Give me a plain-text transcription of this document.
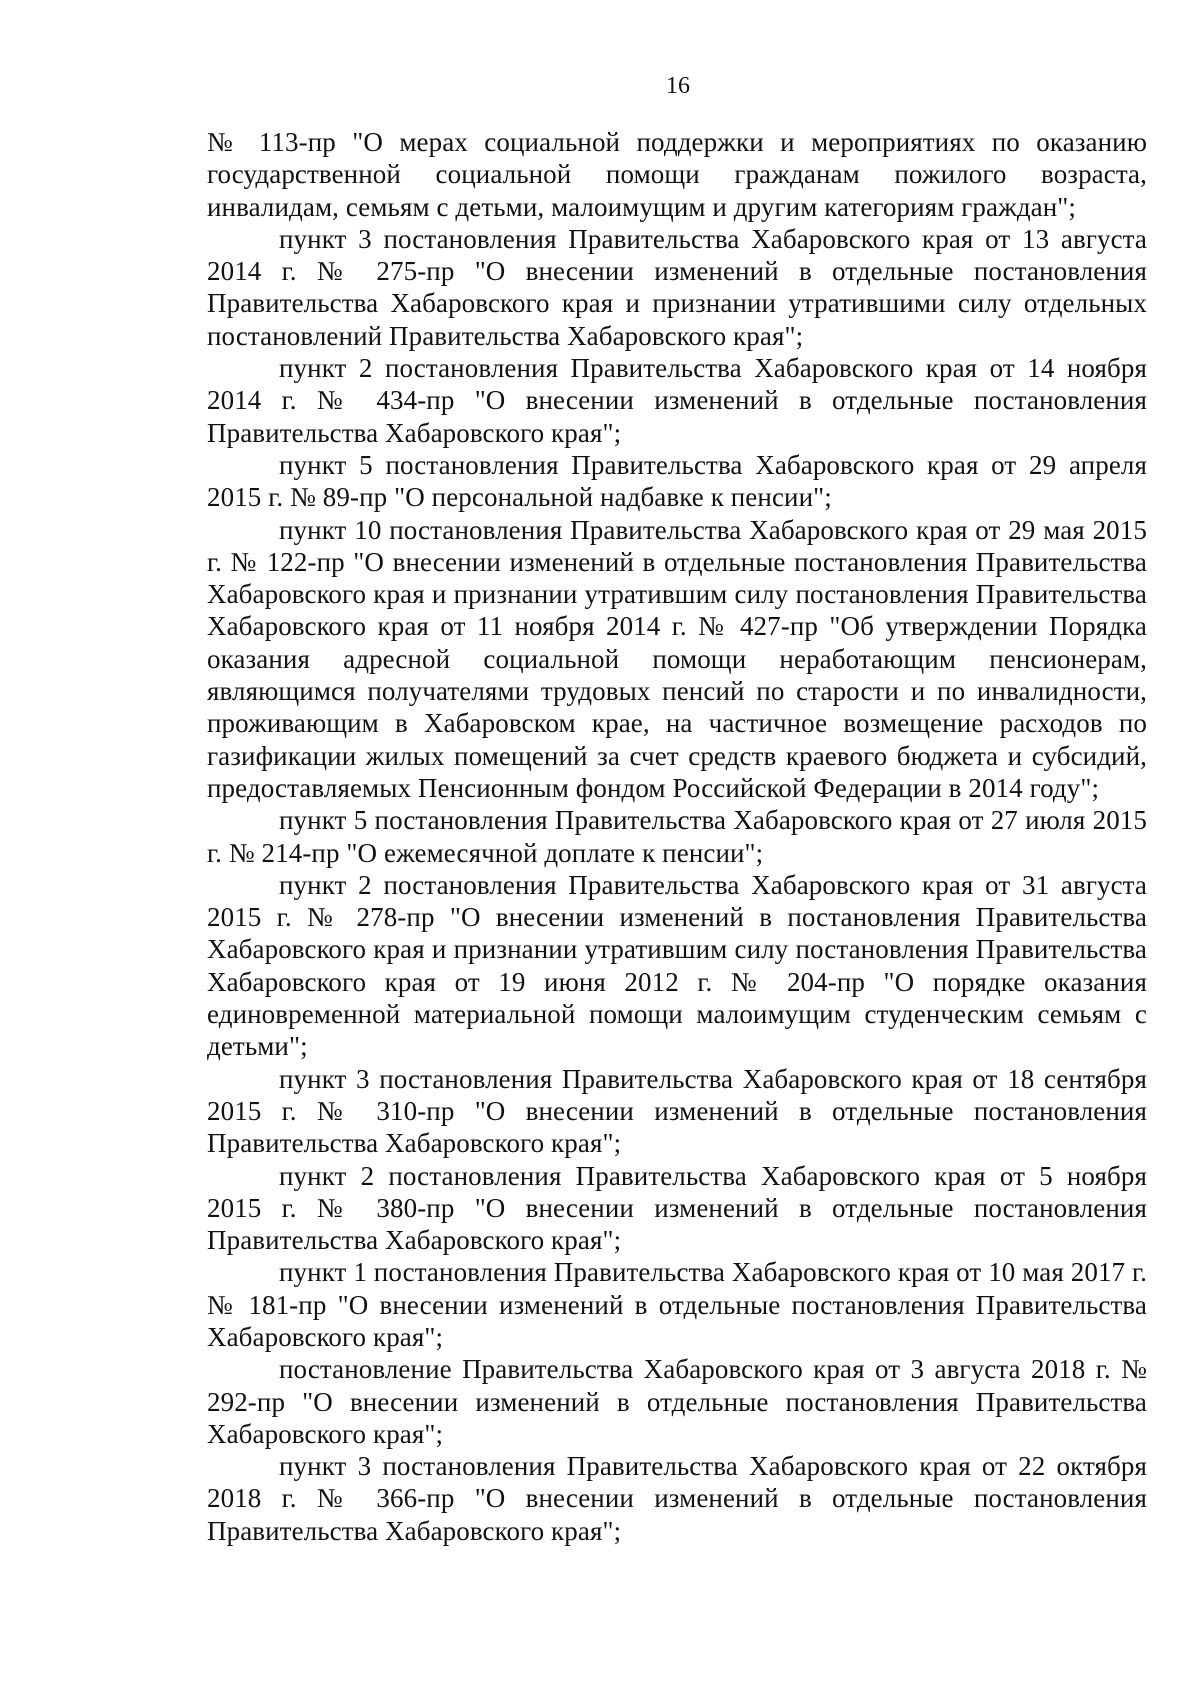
16

№ 113-пр "О мерах социальной поддержки и мероприятиях по оказанию государственной социальной помощи гражданам пожилого возраста, инвалидам, семьям с детьми, малоимущим и другим категориям граждан";

пункт 3 постановления Правительства Хабаровского края от 13 августа 2014 г. № 275-пр "О внесении изменений в отдельные постановления Правительства Хабаровского края и признании утратившими силу отдельных постановлений Правительства Хабаровского края";

пункт 2 постановления Правительства Хабаровского края от 14 ноября 2014 г. № 434-пр "О внесении изменений в отдельные постановления Правительства Хабаровского края";

пункт 5 постановления Правительства Хабаровского края от 29 апреля 2015 г. № 89-пр "О персональной надбавке к пенсии";

пункт 10 постановления Правительства Хабаровского края от 29 мая 2015 г. № 122-пр "О внесении изменений в отдельные постановления Правительства Хабаровского края и признании утратившим силу постановления Правительства Хабаровского края от 11 ноября 2014 г. № 427-пр "Об утверждении Порядка оказания адресной социальной помощи неработающим пенсионерам, являющимся получателями трудовых пенсий по старости и по инвалидности, проживающим в Хабаровском крае, на частичное возмещение расходов по газификации жилых помещений за счет средств краевого бюджета и субсидий, предоставляемых Пенсионным фондом Российской Федерации в 2014 году";

пункт 5 постановления Правительства Хабаровского края от 27 июля 2015 г. № 214-пр "О ежемесячной доплате к пенсии";

пункт 2 постановления Правительства Хабаровского края от 31 августа 2015 г. № 278-пр "О внесении изменений в постановления Правительства Хабаровского края и признании утратившим силу постановления Правительства Хабаровского края от 19 июня 2012 г. № 204-пр "О порядке оказания единовременной материальной помощи малоимущим студенческим семьям с детьми";

пункт 3 постановления Правительства Хабаровского края от 18 сентября 2015 г. № 310-пр "О внесении изменений в отдельные постановления Правительства Хабаровского края";

пункт 2 постановления Правительства Хабаровского края от 5 ноября 2015 г. № 380-пр "О внесении изменений в отдельные постановления Правительства Хабаровского края";

пункт 1 постановления Правительства Хабаровского края от 10 мая 2017 г. № 181-пр "О внесении изменений в отдельные постановления Правительства Хабаровского края";

постановление Правительства Хабаровского края от 3 августа 2018 г. № 292-пр "О внесении изменений в отдельные постановления Правительства Хабаровского края";

пункт 3 постановления Правительства Хабаровского края от 22 октября 2018 г. № 366-пр "О внесении изменений в отдельные постановления Правительства Хабаровского края";
